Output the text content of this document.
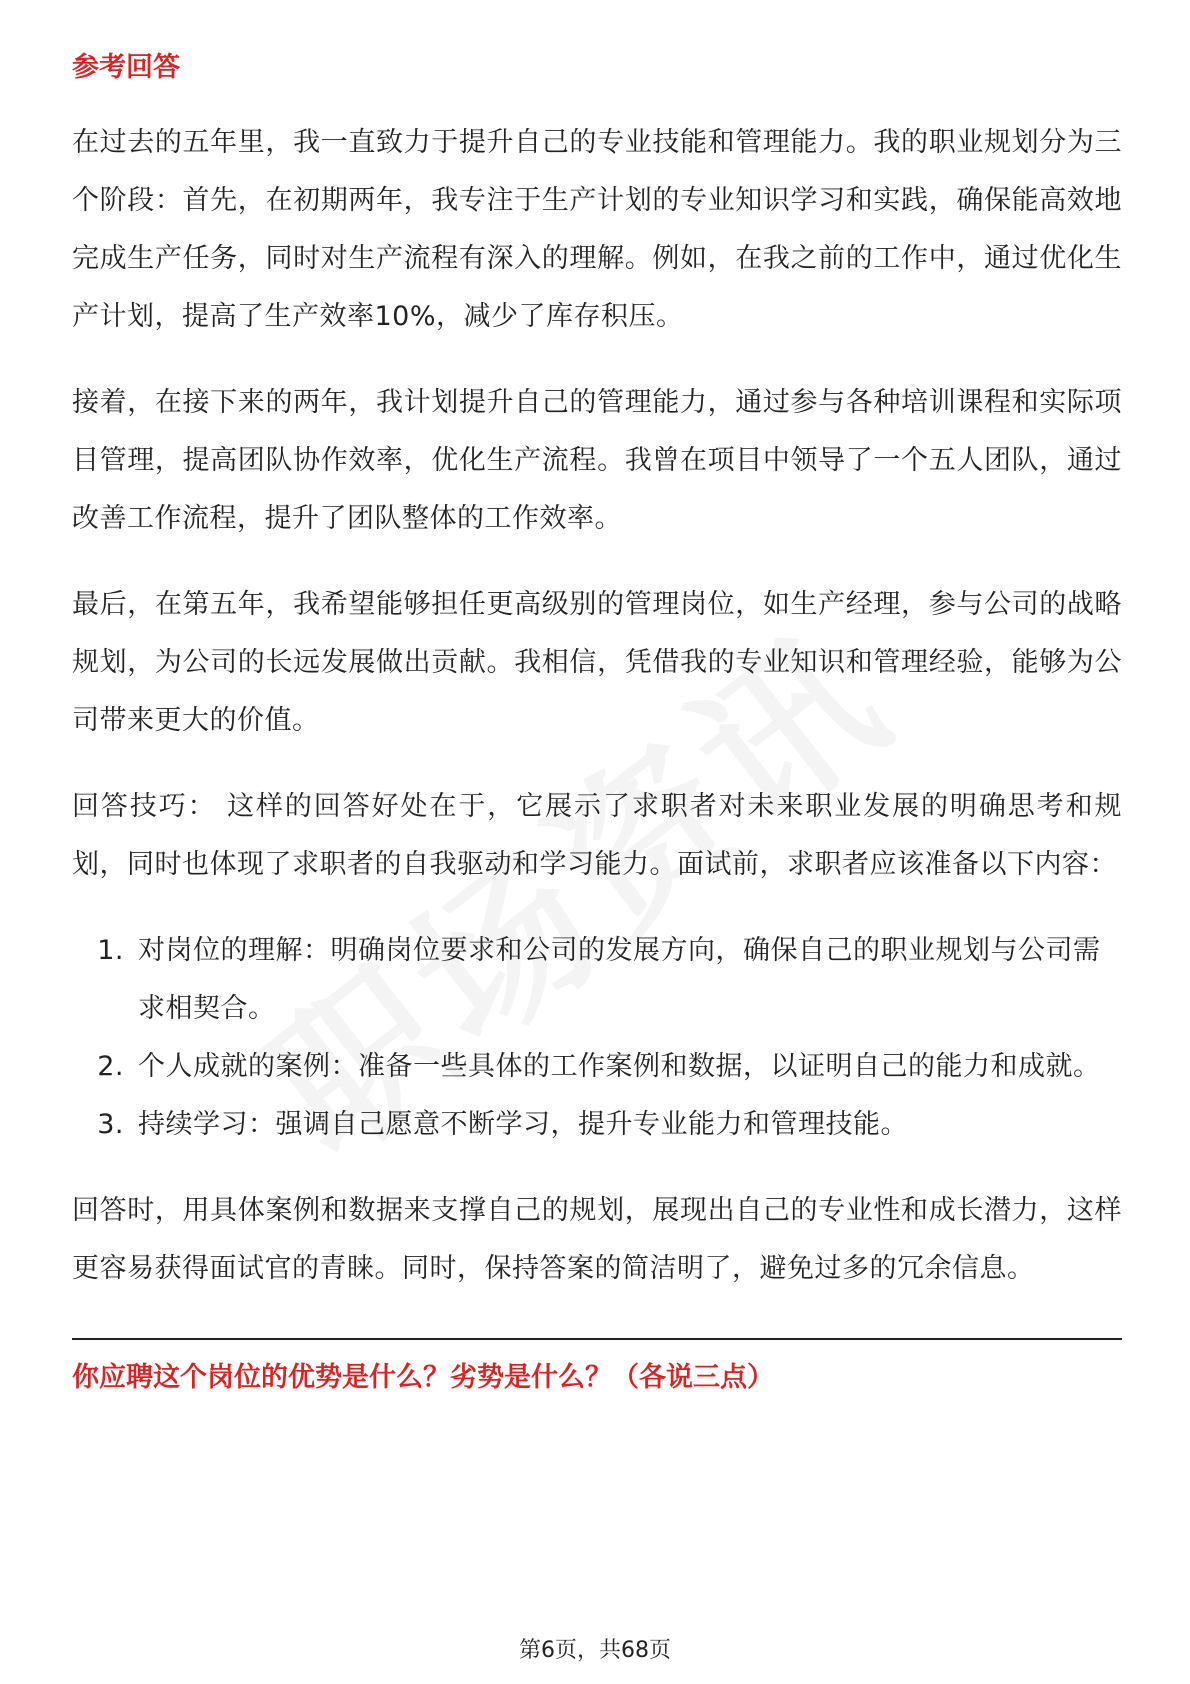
参考回答

在过去的五年里，我一直致力于提升自己的专业技能和管理能力。我的职业规划分为三个阶段：首先，在初期两年，我专注于生产计划的专业知识学习和实践，确保能高效地完成生产任务，同时对生产流程有深入的理解。例如，在我之前的工作中，通过优化生产计划，提高了生产效率10%，减少了库存积压。

接着，在接下来的两年，我计划提升自己的管理能力，通过参与各种培训课程和实际项目管理，提高团队协作效率，优化生产流程。我曾在项目中领导了一个五人团队，通过改善工作流程，提升了团队整体的工作效率。

最后，在第五年，我希望能够担任更高级别的管理岗位，如生产经理，参与公司的战略规划，为公司的长远发展做出贡献。我相信，凭借我的专业知识和管理经验，能够为公司带来更大的价值。

回答技巧： 这样的回答好处在于，它展示了求职者对未来职业发展的明确思考和规划，同时也体现了求职者的自我驱动和学习能力。面试前，求职者应该准备以下内容：

1. 对岗位的理解：明确岗位要求和公司的发展方向，确保自己的职业规划与公司需求相契合。
2. 个人成就的案例：准备一些具体的工作案例和数据，以证明自己的能力和成就。
3. 持续学习：强调自己愿意不断学习，提升专业能力和管理技能。

回答时，用具体案例和数据来支撑自己的规划，展现出自己的专业性和成长潜力，这样更容易获得面试官的青睐。同时，保持答案的简洁明了，避免过多的冗余信息。

你应聘这个岗位的优势是什么？劣势是什么？（各说三点）

第6页，共68页
